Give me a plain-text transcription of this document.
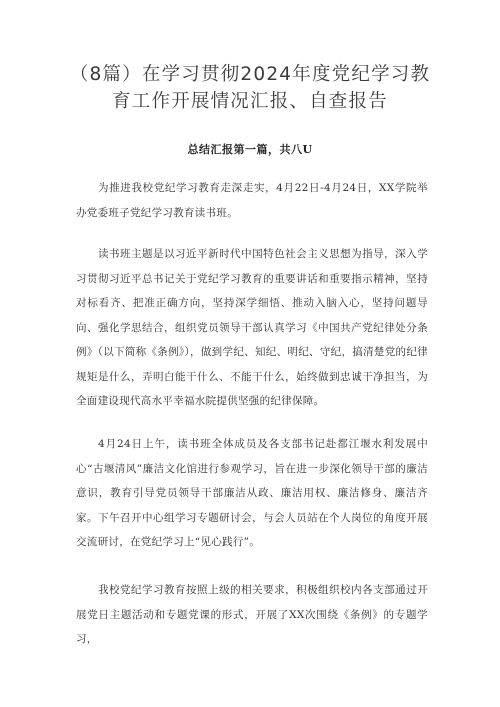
（8篇）在学习贯彻2024年度党纪学习教
育工作开展情况汇报、自查报告

总结汇报第一篇，共八U

为推进我校党纪学习教育走深走实，4月22日-4月24日，XX学院举办党委班子党纪学习教育读书班。

读书班主题是以习近平新时代中国特色社会主义思想为指导，深入学习贯彻习近平总书记关于党纪学习教育的重要讲话和重要指示精神，坚持对标看齐、把准正确方向，坚持深学细悟、推动入脑入心，坚持问题导向、强化学思结合，组织党员领导干部认真学习《中国共产党纪律处分条例》（以下简称《条例》），做到学纪、知纪、明纪、守纪，搞清楚党的纪律规矩是什么，弄明白能干什么、不能干什么，始终做到忠诚干净担当，为全面建设现代高水平幸福水院提供坚强的纪律保障。

4月24日上午，读书班全体成员及各支部书记赴都江堰水利发展中心“古堰清风”廉洁文化馆进行参观学习，旨在进一步深化领导干部的廉洁意识，教育引导党员领导干部廉洁从政、廉洁用权、廉洁修身、廉洁齐家。下午召开中心组学习专题研讨会，与会人员站在个人岗位的角度开展交流研讨，在党纪学习上“见心践行”。

我校党纪学习教育按照上级的相关要求，积极组织校内各支部通过开展党日主题活动和专题党课的形式，开展了XX次围绕《条例》的专题学习，
